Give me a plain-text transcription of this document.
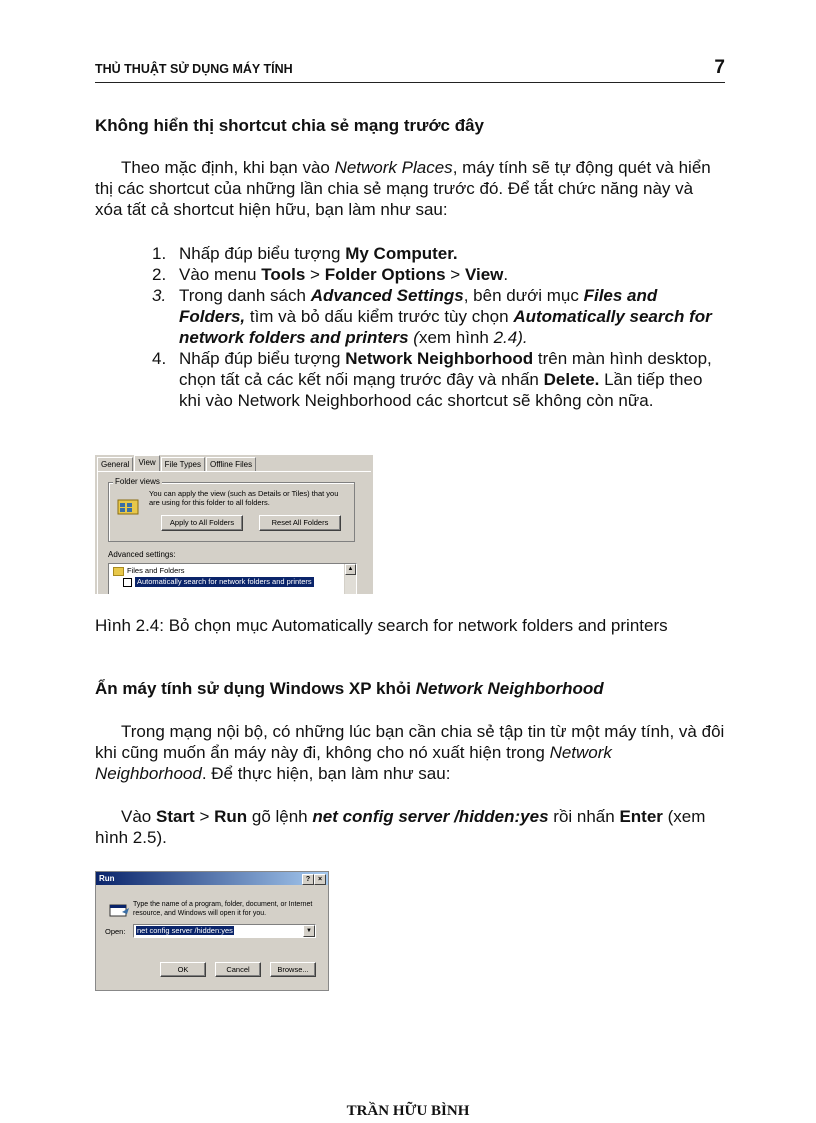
THỦ THUẬT SỬ DỤNG MÁY TÍNH	7

Không hiển thị shortcut chia sẻ mạng trước đây

Theo mặc định, khi bạn vào Network Places, máy tính sẽ tự động quét và hiển thị các shortcut của những lần chia sẻ mạng trước đó. Để tắt chức năng này và xóa tất cả shortcut hiện hữu, bạn làm như sau:

1. Nhấp đúp biểu tượng My Computer.
2. Vào menu Tools > Folder Options > View.
3. Trong danh sách Advanced Settings, bên dưới mục Files and Folders, tìm và bỏ dấu kiểm trước tùy chọn Automatically search for network folders and printers (xem hình 2.4).
4. Nhấp đúp biểu tượng Network Neighborhood trên màn hình desktop, chọn tất cả các kết nối mạng trước đây và nhấn Delete. Lần tiếp theo khi vào Network Neighborhood các shortcut sẽ không còn nữa.
General	View	File Types	Offline Files
Folder views
You can apply the view (such as Details or Tiles) that you are using for this folder to all folders.
Apply to All Folders	Reset All Folders
Advanced settings:
Files and Folders
Automatically search for network folders and printers
▲

Hình 2.4: Bỏ chọn mục Automatically search for network folders and printers

Ẩn máy tính sử dụng Windows XP khỏi Network Neighborhood

Trong mạng nội bộ, có những lúc bạn cần chia sẻ tập tin từ một máy tính, và đôi khi cũng muốn ẩn máy này đi, không cho nó xuất hiện trong Network Neighborhood. Để thực hiện, bạn làm như sau:

Vào Start > Run gõ lệnh net config server /hidden:yes rồi nhấn Enter (xem hình 2.5).

Run	?	×
Type the name of a program, folder, document, or Internet resource, and Windows will open it for you.
Open:	net config server /hidden:yes	▼
OK	Cancel	Browse...
TRẦN HỮU BÌNH
